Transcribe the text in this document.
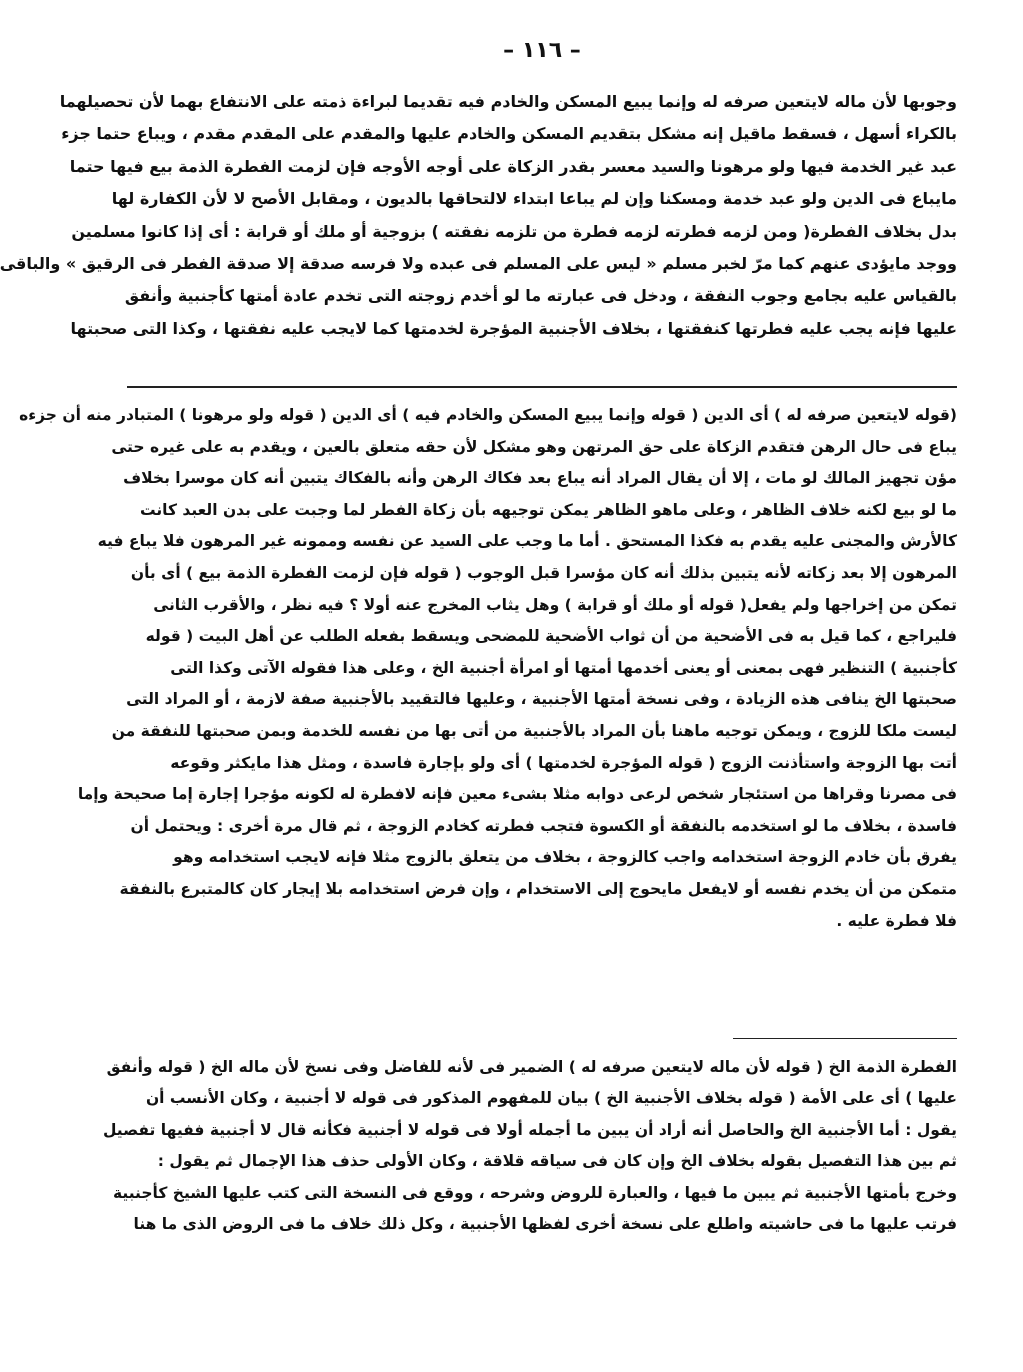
– ١١٦ –
وجوبها لأن ماله لايتعين صرفه له وإنما يبيع المسكن والخادم فيه تقديما لبراءة ذمته على الانتفاع بهما لأن تحصيلهما
بالكراء أسهل ، فسقط ماقيل إنه مشكل بتقديم المسكن والخادم عليها والمقدم على المقدم مقدم ، ويباع حتما جزء
عبد غير الخدمة فيها ولو مرهونا والسيد معسر بقدر الزكاة على أوجه الأوجه فإن لزمت الفطرة الذمة بيع فيها حتما
مايباع فى الدين ولو عبد خدمة ومسكنا وإن لم يباعا ابتداء لالتحاقها بالديون ، ومقابل الأصح لا لأن الكفارة لها
بدل بخلاف الفطرة( ومن لزمه فطرته لزمه فطرة من تلزمه نفقته ) بزوجية أو ملك أو قرابة : أى إذا كانوا مسلمين
ووجد مايؤدى عنهم كما مرّ لخبر مسلم « ليس على المسلم فى عبده ولا فرسه صدقة إلا صدقة الفطر فى الرقيق » والباقى
بالقياس عليه بجامع وجوب النفقة ، ودخل فى عبارته ما لو أخدم زوجته التى تخدم عادة أمتها كأجنبية وأنفق
عليها فإنه يجب عليه فطرتها كنفقتها ، بخلاف الأجنبية المؤجرة لخدمتها كما لايجب عليه نفقتها ، وكذا التى صحبتها
(قوله لايتعين صرفه له ) أى الدين ( قوله وإنما يبيع المسكن والخادم فيه ) أى الدين ( قوله ولو مرهونا ) المتبادر منه أن جزءه
يباع فى حال الرهن فتقدم الزكاة على حق المرتهن وهو مشكل لأن حقه متعلق بالعين ، ويقدم به على غيره حتى
مؤن تجهيز المالك لو مات ، إلا أن يقال المراد أنه يباع بعد فكاك الرهن وأنه بالفكاك يتبين أنه كان موسرا بخلاف
ما لو بيع لكنه خلاف الظاهر ، وعلى ماهو الظاهر يمكن توجيهه بأن زكاة الفطر لما وجبت على بدن العبد كانت
كالأرش والمجنى عليه يقدم به فكذا المستحق . أما ما وجب على السيد عن نفسه وممونه غير المرهون فلا يباع فيه
المرهون إلا بعد زكاته لأنه يتبين بذلك أنه كان مؤسرا قبل الوجوب ( قوله فإن لزمت الفطرة الذمة بيع ) أى بأن
تمكن من إخراجها ولم يفعل( قوله أو ملك أو قرابة ) وهل يثاب المخرج عنه أولا ؟ فيه نظر ، والأقرب الثانى
فليراجع ، كما قيل به فى الأضحية من أن ثواب الأضحية للمضحى ويسقط بفعله الطلب عن أهل البيت ( قوله
كأجنبية ) التنظير فهى بمعنى أو يعنى أخدمها أمتها أو امرأة أجنبية الخ ، وعلى هذا فقوله الآتى وكذا التى
صحبتها الخ ينافى هذه الزيادة ، وفى نسخة أمتها الأجنبية ، وعليها فالتقييد بالأجنبية صفة لازمة ، أو المراد التى
ليست ملكا للزوج ، ويمكن توجيه ماهنا بأن المراد بالأجنبية من أتى بها من نفسه للخدمة وبمن صحبتها للنفقة من
أتت بها الزوجة واستأذنت الزوج ( قوله المؤجرة لخدمتها ) أى ولو بإجارة فاسدة ، ومثل هذا مايكثر وقوعه
فى مصرنا وقراها من استئجار شخص لرعى دوابه مثلا بشىء معين فإنه لافطرة له لكونه مؤجرا إجارة إما صحيحة وإما
فاسدة ، بخلاف ما لو استخدمه بالنفقة أو الكسوة فتجب فطرته كخادم الزوجة ، ثم قال مرة أخرى : ويحتمل أن
يفرق بأن خادم الزوجة استخدامه واجب كالزوجة ، بخلاف من يتعلق بالزوج مثلا فإنه لايجب استخدامه وهو
متمكن من أن يخدم نفسه أو لايفعل مايحوج إلى الاستخدام ، وإن فرض استخدامه بلا إيجار كان كالمتبرع بالنفقة
فلا فطرة عليه .
الفطرة الذمة الخ ( قوله لأن ماله لايتعين صرفه له ) الضمير فى لأنه للفاضل وفى نسخ لأن ماله الخ ( قوله وأنفق
عليها ) أى على الأمة ( قوله بخلاف الأجنبية الخ ) بيان للمفهوم المذكور فى قوله لا أجنبية ، وكان الأنسب أن
يقول : أما الأجنبية الخ والحاصل أنه أراد أن يبين ما أجمله أولا فى قوله لا أجنبية فكأنه قال لا أجنبية ففيها تفصيل
ثم بين هذا التفصيل بقوله بخلاف الخ وإن كان فى سياقه قلاقة ، وكان الأولى حذف هذا الإجمال ثم يقول :
وخرج بأمتها الأجنبية ثم يبين ما فيها ، والعبارة للروض وشرحه ، ووقع فى النسخة التى كتب عليها الشيخ كأجنبية
فرتب عليها ما فى حاشيته واطلع على نسخة أخرى لفظها الأجنبية ، وكل ذلك خلاف ما فى الروض الذى ما هنا
